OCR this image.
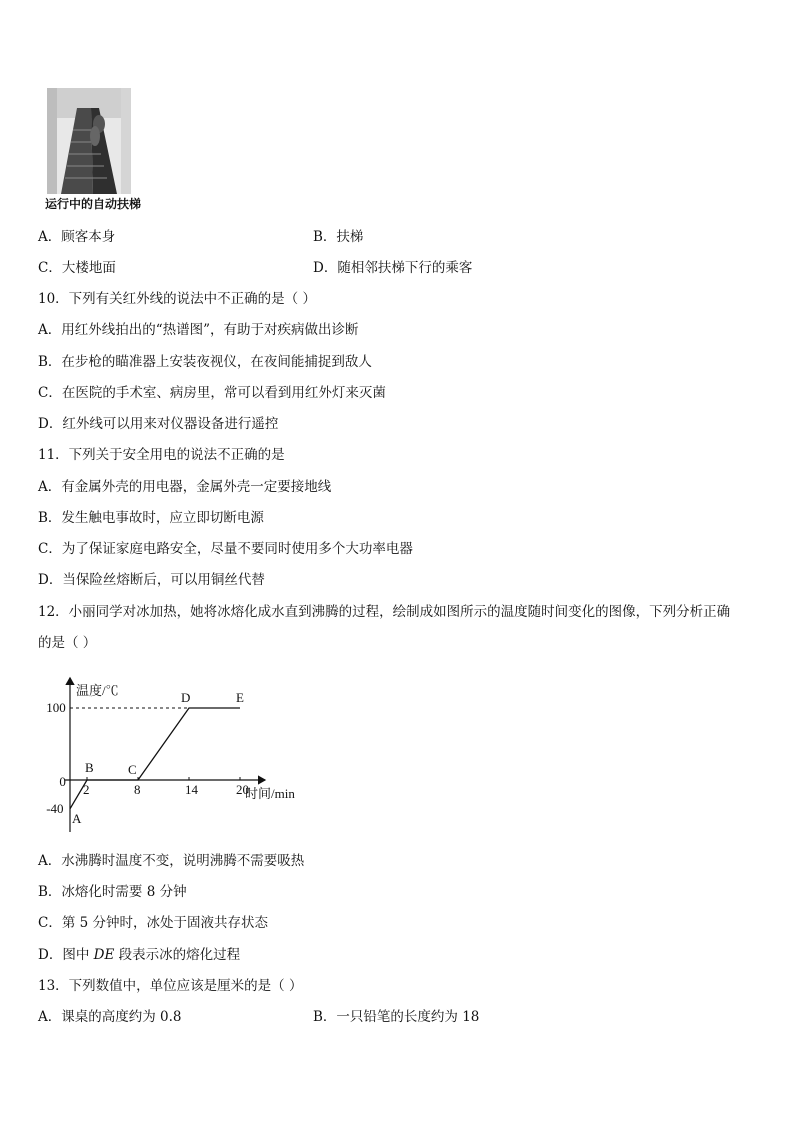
运行中的自动扶梯
A．顾客本身	B．扶梯
C．大楼地面	D．随相邻扶梯下行的乘客
10．下列有关红外线的说法中不正确的是（ ）
A．用红外线拍出的“热谱图”，有助于对疾病做出诊断
B．在步枪的瞄准器上安装夜视仪，在夜间能捕捉到敌人
C．在医院的手术室、病房里，常可以看到用红外灯来灭菌
D．红外线可以用来对仪器设备进行遥控
11．下列关于安全用电的说法不正确的是
A．有金属外壳的用电器，金属外壳一定要接地线
B．发生触电事故时，应立即切断电源
C．为了保证家庭电路安全，尽量不要同时使用多个大功率电器
D．当保险丝熔断后，可以用铜丝代替
12．小丽同学对冰加热，她将冰熔化成水直到沸腾的过程，绘制成如图所示的温度随时间变化的图像，下列分析正确
的是（ ）
温度/℃
时间/min
A
B	C
D	E
2	8	14	20
100
0
-40
A．水沸腾时温度不变，说明沸腾不需要吸热
B．冰熔化时需要 8 分钟
C．第 5 分钟时，冰处于固液共存状态
D．图中 DE 段表示冰的熔化过程
13．下列数值中，单位应该是厘米的是（ ）
A．课桌的高度约为 0.8	B．一只铅笔的长度约为 18
